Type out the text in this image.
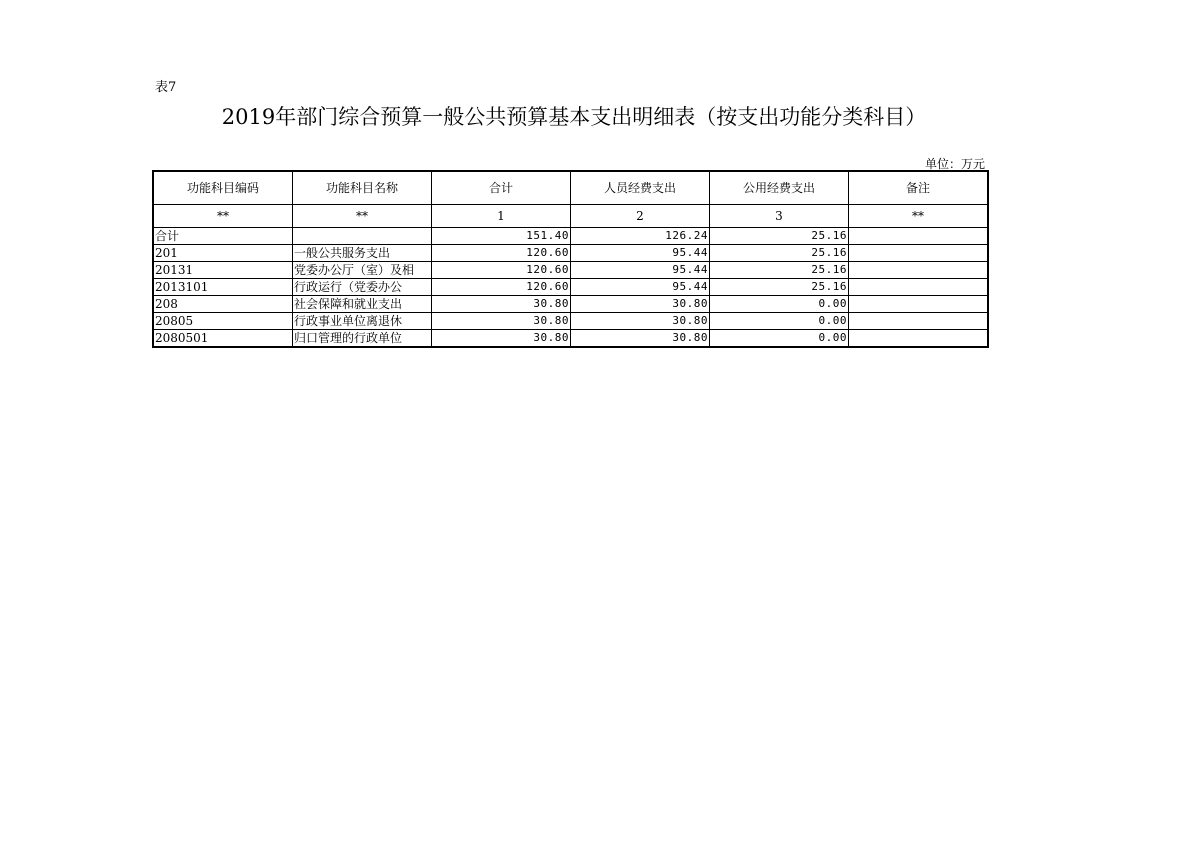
表7
2019年部门综合预算一般公共预算基本支出明细表（按支出功能分类科目）
单位：万元
功能科目编码	功能科目名称	合计	人员经费支出	公用经费支出	备注
**	**	1	2	3	**
合计		151.40	126.24	25.16	
201	一般公共服务支出	120.60	95.44	25.16	
20131	党委办公厅（室）及相	120.60	95.44	25.16	
2013101	行政运行（党委办公	120.60	95.44	25.16	
208	社会保障和就业支出	30.80	30.80	0.00	
20805	行政事业单位离退休	30.80	30.80	0.00	
2080501	归口管理的行政单位	30.80	30.80	0.00	
